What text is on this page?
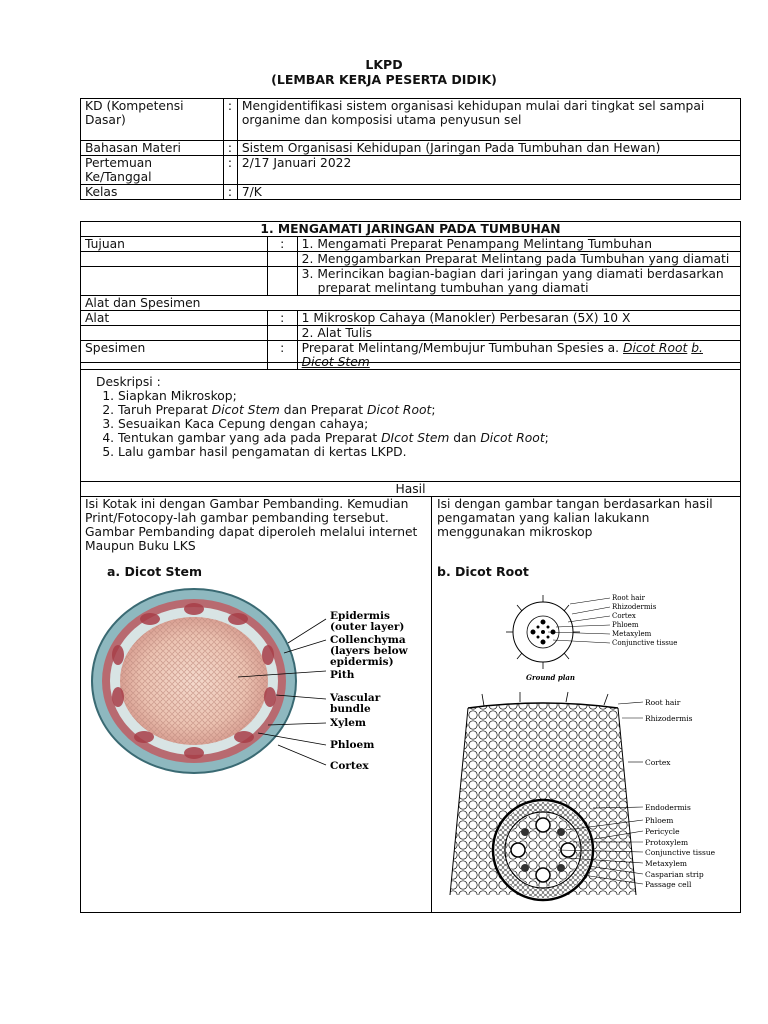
LKPD
(LEMBAR KERJA PESERTA DIDIK)
KD (Kompetensi Dasar)	:	Mengidentifikasi sistem organisasi kehidupan mulai dari tingkat sel sampai organime dan komposisi utama penyusun sel
Bahasan Materi	:	Sistem Organisasi Kehidupan (Jaringan Pada Tumbuhan dan Hewan)
Pertemuan Ke/Tanggal	:	2/17 Januari 2022
Kelas	:	7/K
1. MENGAMATI JARINGAN PADA TUMBUHAN		
Tujuan	:	1. Mengamati Preparat Penampang Melintang Tumbuhan
		2. Menggambarkan Preparat Melintang pada Tumbuhan yang diamati
		3. Merincikan bagian-bagian dari jaringan yang diamati berdasarkan preparat melintang tumbuhan yang diamati
Alat dan Spesimen		
Alat	:	1 Mikroskop Cahaya (Manokler) Perbesaran (5X) 10 X
		2. Alat Tulis
Spesimen	:	Preparat Melintang/Membujur Tumbuhan Spesies a. Dicot Root b. Dicot Stem
Deskripsi :
1. Siapkan Mikroskop;
2. Taruh Preparat Dicot Stem dan Preparat Dicot Root;
3. Sesuaikan Kaca Cepung dengan cahaya;
4. Tentukan gambar yang ada pada Preparat DIcot Stem dan Dicot Root;
5. Lalu gambar hasil pengamatan di kertas LKPD.
Hasil
Isi Kotak ini dengan Gambar Pembanding. Kemudian Print/Fotocopy-lah gambar pembanding tersebut. Gambar Pembanding dapat diperoleh melalui internet Maupun Buku LKS
Isi dengan gambar tangan berdasarkan hasil pengamatan yang kalian lakukann menggunakan mikroskop
a. Dicot Stem	b. Dicot Root
Epidermis
(outer layer)
Collenchyma
(layers below
epidermis)
Pith
Vascular
bundle
Xylem
Phloem
Cortex
Root hair
Rhizodermis
Cortex
Phloem
Metaxylem
Conjunctive tissue
Ground plan
Root hair
Rhizodermis
Cortex
Endodermis
Phloem
Pericycle
Protoxylem
Conjunctive tissue
Metaxylem
Casparian strip
Passage cell
